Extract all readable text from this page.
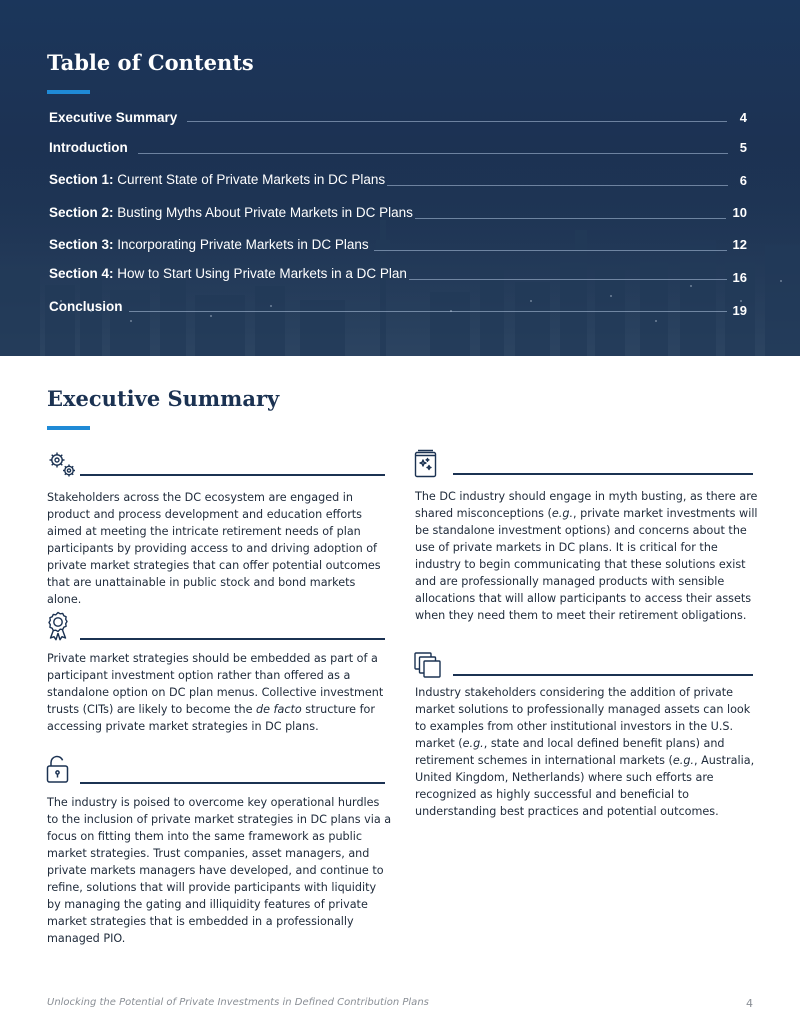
Table of Contents
Executive Summary	4
Introduction	5
Section 1: Current State of Private Markets in DC Plans	6
Section 2: Busting Myths About Private Markets in DC Plans	10
Section 3: Incorporating Private Markets in DC Plans	12
Section 4: How to Start Using Private Markets in a DC Plan	16
Conclusion	19
Executive Summary
Stakeholders across the DC ecosystem are engaged in product and process development and education efforts aimed at meeting the intricate retirement needs of plan participants by providing access to and driving adoption of private market strategies that can offer potential outcomes that are unattainable in public stock and bond markets alone.
Private market strategies should be embedded as part of a participant investment option rather than offered as a standalone option on DC plan menus. Collective investment trusts (CITs) are likely to become the de facto structure for accessing private market strategies in DC plans.
The industry is poised to overcome key operational hurdles to the inclusion of private market strategies in DC plans via a focus on fitting them into the same framework as public market strategies. Trust companies, asset managers, and private markets managers have developed, and continue to refine, solutions that will provide participants with liquidity by managing the gating and illiquidity features of private market strategies that is embedded in a professionally managed PIO.
The DC industry should engage in myth busting, as there are shared misconceptions (e.g., private market investments will be standalone investment options) and concerns about the use of private markets in DC plans. It is critical for the industry to begin communicating that these solutions exist and are professionally managed products with sensible allocations that will allow participants to access their assets when they need them to meet their retirement obligations.
Industry stakeholders considering the addition of private market solutions to professionally managed assets can look to examples from other institutional investors in the U.S. market (e.g., state and local defined benefit plans) and retirement schemes in international markets (e.g., Australia, United Kingdom, Netherlands) where such efforts are recognized as highly successful and beneficial to understanding best practices and potential outcomes.
Unlocking the Potential of Private Investments in Defined Contribution Plans	4
